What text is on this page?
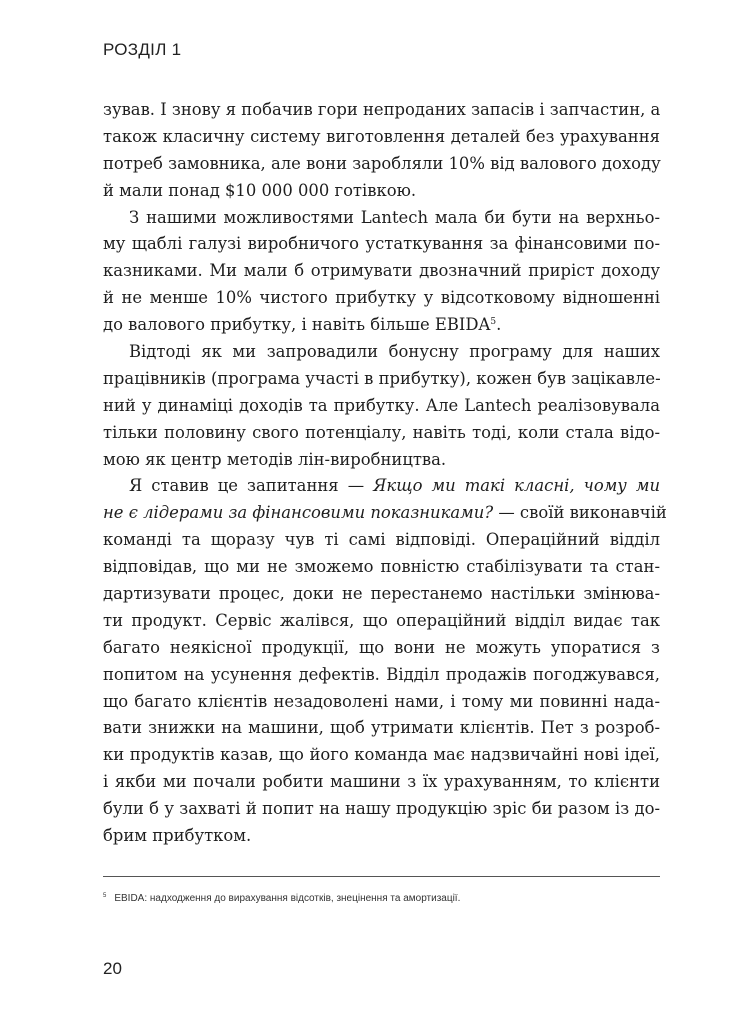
РОЗДІЛ 1
зував. І знову я побачив гори непроданих запасів і запчастин, а
також класичну систему виготовлення деталей без урахування
потреб замовника, але вони заробляли 10% від валового доходу
й мали понад $10 000 000 готівкою.
З нашими можливостями Lantech мала би бути на верхньо-
му щаблі галузі виробничого устаткування за фінансовими по-
казниками. Ми мали б отримувати двозначний приріст доходу
й не менше 10% чистого прибутку у відсотковому відношенні
до валового прибутку, і навіть більше EBIDA$^5$.
Відтоді як ми запровадили бонусну програму для наших
працівників (програма участі в прибутку), кожен був зацікавле-
ний у динаміці доходів та прибутку. Але Lantech реалізовувала
тільки половину свого потенціалу, навіть тоді, коли стала відо-
мою як центр методів лін-виробництва.
Я ставив це запитання — Якщо ми такі класні, чому ми
не є лідерами за фінансовими показниками? — своїй виконавчій
команді та щоразу чув ті самі відповіді. Операційний відділ
відповідав, що ми не зможемо повністю стабілізувати та стан-
дартизувати процес, доки не перестанемо настільки змінюва-
ти продукт. Сервіс жалівся, що операційний відділ видає так
багато неякісної продукції, що вони не можуть упоратися з
попитом на усунення дефектів. Відділ продажів погоджувався,
що багато клієнтів незадоволені нами, і тому ми повинні нада-
вати знижки на машини, щоб утримати клієнтів. Пет з розроб-
ки продуктів казав, що його команда має надзвичайні нові ідеї,
і якби ми почали робити машини з їх урахуванням, то клієнти
були б у захваті й попит на нашу продукцію зріс би разом із до-
брим прибутком.
$^5$ EBIDA: надходження до вирахування відсотків, знецінення та амортизації.
20
